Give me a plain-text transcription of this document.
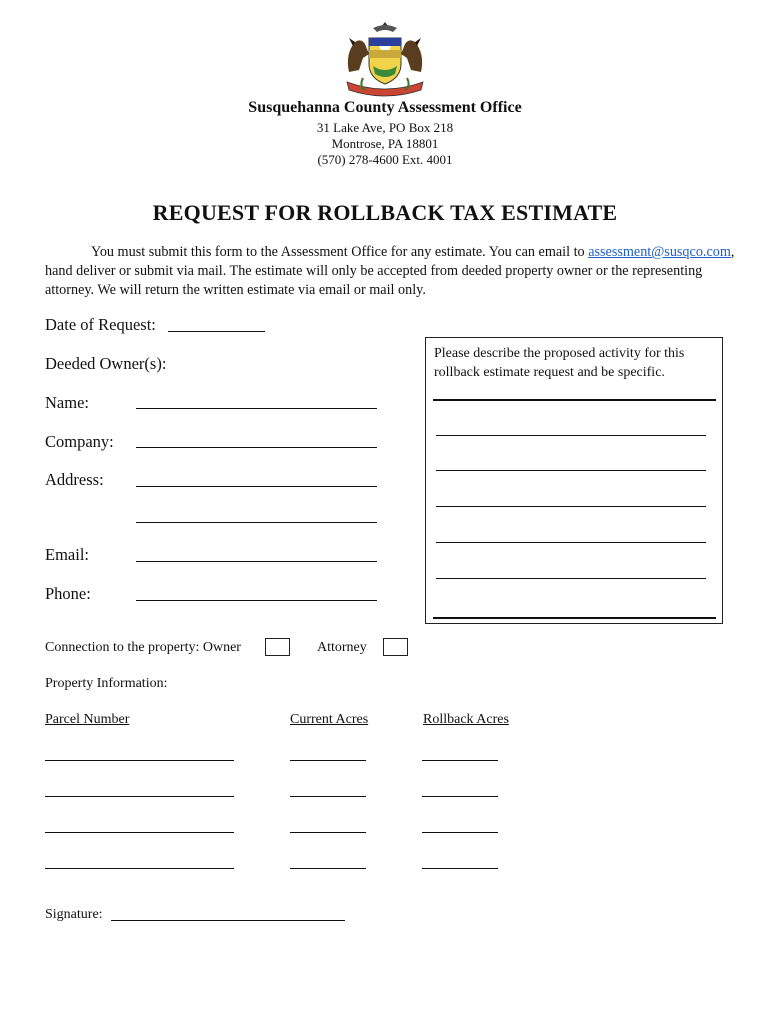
Susquehanna County Assessment Office
31 Lake Ave, PO Box 218
Montrose, PA 18801
(570) 278-4600 Ext. 4001
REQUEST FOR ROLLBACK TAX ESTIMATE
You must submit this form to the Assessment Office for any estimate. You can email to assessment@susqco.com, hand deliver or submit via mail. The estimate will only be accepted from deeded property owner or the representing attorney. We will return the written estimate via email or mail only.
Date of Request:
Deeded Owner(s):
Name:
Company:
Address:
Email:
Phone:
Please describe the proposed activity for this rollback estimate request and be specific.
Connection to the property: Owner	Attorney
Property Information:
Parcel Number	Current Acres	Rollback Acres
Signature:
